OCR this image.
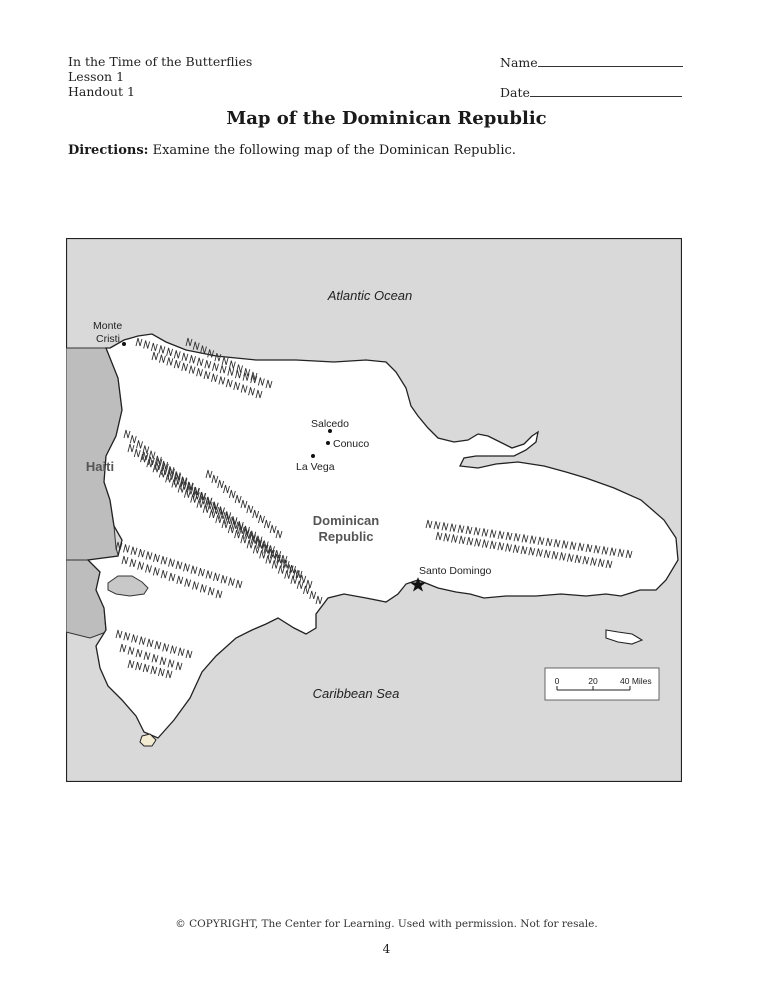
In the Time of the Butterflies
Lesson 1
Handout 1
Name
Date
Map of the Dominican Republic
Directions: Examine the following map of the Dominican Republic.
Atlantic Ocean
Caribbean Sea
Haiti
Dominican
Republic
Monte
Cristi
Salcedo
Conuco
La Vega
Santo Domingo
0	20	40 Miles
© COPYRIGHT, The Center for Learning. Used with permission. Not for resale.
4
